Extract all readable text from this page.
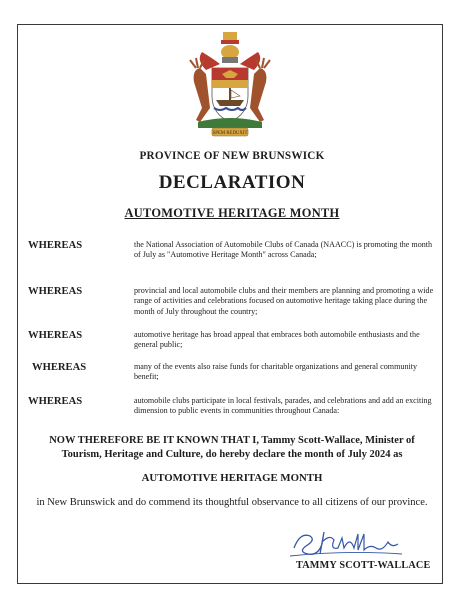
SPEM REDUXIT
PROVINCE OF NEW BRUNSWICK
DECLARATION
AUTOMOTIVE HERITAGE MONTH
WHEREAS	the National Association of Automobile Clubs of Canada (NAACC) is promoting the month of July as "Automotive Heritage Month" across Canada;
WHEREAS	provincial and local automobile clubs and their members are planning and promoting a wide range of activities and celebrations focused on automotive heritage taking place during the month of July throughout the country;
WHEREAS	automotive heritage has broad appeal that embraces both automobile enthusiasts and the general public;
WHEREAS	many of the events also raise funds for charitable organizations and general community benefit;
WHEREAS	automobile clubs participate in local festivals, parades, and celebrations and add an exciting dimension to public events in communities throughout Canada:
NOW THEREFORE BE IT KNOWN THAT I, Tammy Scott-Wallace, Minister of Tourism, Heritage and Culture, do hereby declare the month of July 2024 as
AUTOMOTIVE HERITAGE MONTH
in New Brunswick and do commend its thoughtful observance to all citizens of our province.
TAMMY SCOTT-WALLACE
